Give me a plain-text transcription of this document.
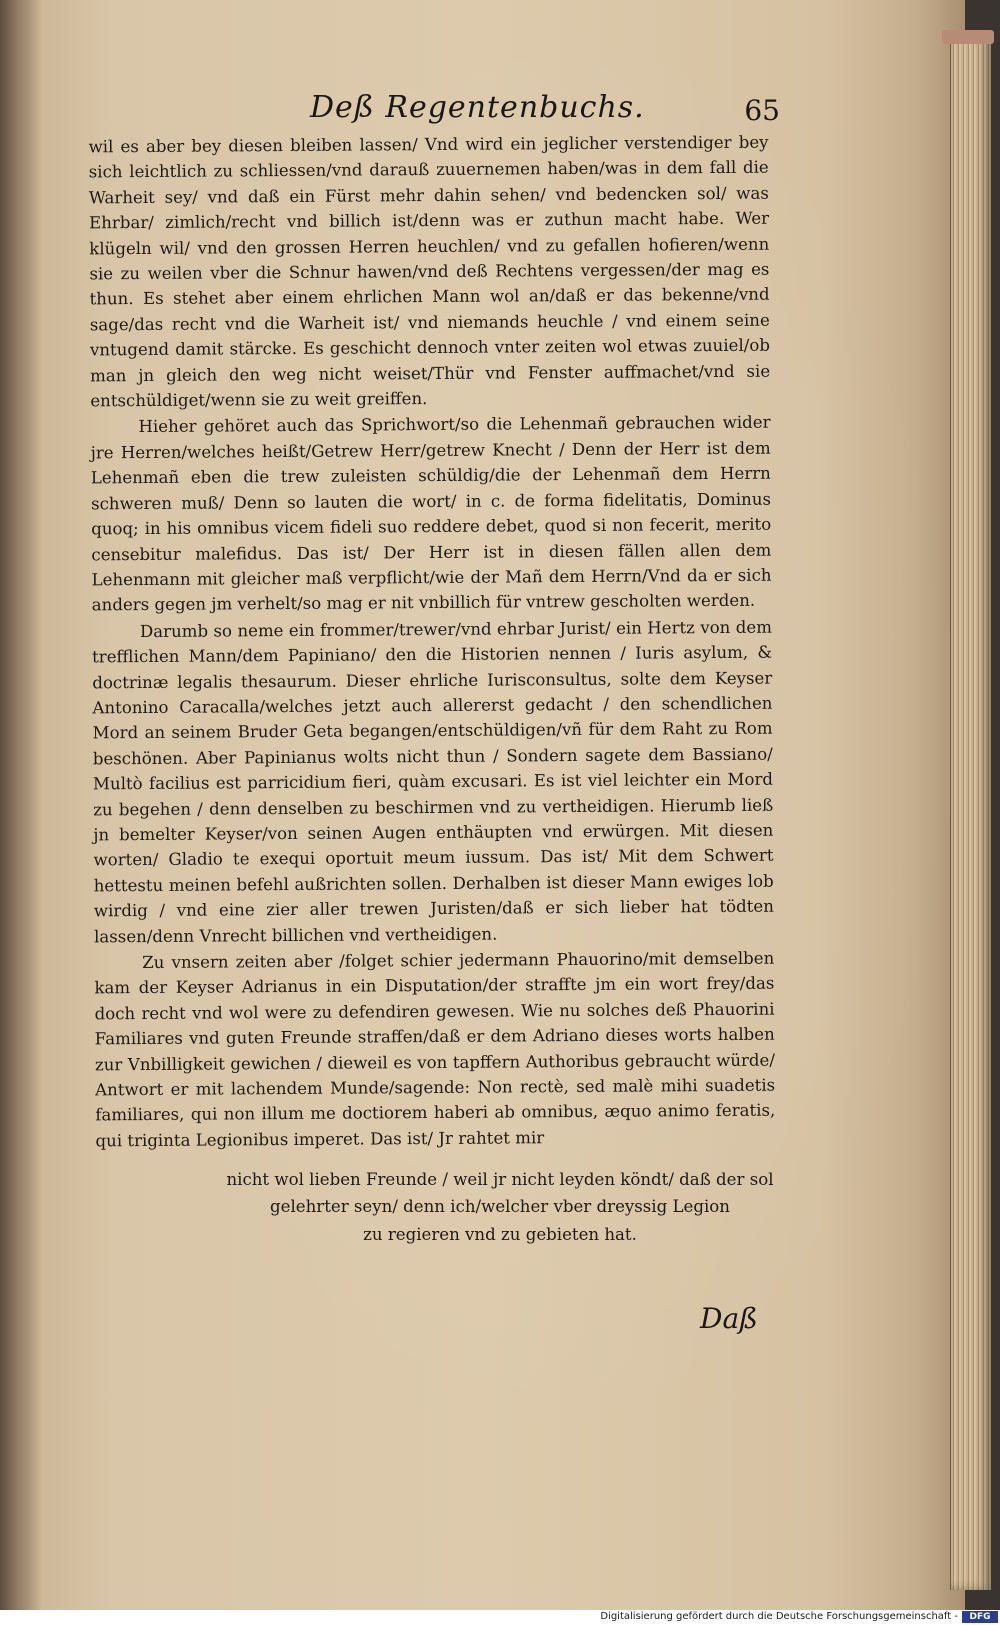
Deß Regentenbuchs.	65

wil es aber bey diesen bleiben lassen/ Vnd wird ein jeglicher verstendiger bey sich leichtlich zu schliessen/vnd darauß zuuernemen haben/was in dem fall die Warheit sey/ vnd daß ein Fürst mehr dahin sehen/ vnd bedencken sol/ was Ehrbar/ zimlich/recht vnd billich ist/denn was er zuthun macht habe. Wer klügeln wil/ vnd den grossen Herren heuchlen/ vnd zu gefallen hofieren/wenn sie zu weilen vber die Schnur hawen/vnd deß Rechtens vergessen/der mag es thun. Es stehet aber einem ehrlichen Mann wol an/daß er das bekenne/vnd sage/das recht vnd die Warheit ist/ vnd niemands heuchle / vnd einem seine vntugend damit stärcke. Es geschicht dennoch vnter zeiten wol etwas zuuiel/ob man jn gleich den weg nicht weiset/Thür vnd Fenster auffmachet/vnd sie entschüldiget/wenn sie zu weit greiffen.

Hieher gehöret auch das Sprichwort/so die Lehenmañ gebrauchen wider jre Herren/welches heißt/Getrew Herr/getrew Knecht / Denn der Herr ist dem Lehenmañ eben die trew zuleisten schüldig/die der Lehenmañ dem Herrn schweren muß/ Denn so lauten die wort/ in c. de forma fidelitatis, Dominus quoq; in his omnibus vicem fideli suo reddere debet, quod si non fecerit, merito censebitur malefidus. Das ist/ Der Herr ist in diesen fällen allen dem Lehenmann mit gleicher maß verpflicht/wie der Mañ dem Herrn/Vnd da er sich anders gegen jm verhelt/so mag er nit vnbillich für vntrew gescholten werden.

Darumb so neme ein frommer/trewer/vnd ehrbar Jurist/ ein Hertz von dem trefflichen Mann/dem Papiniano/ den die Historien nennen / Iuris asylum, & doctrinæ legalis thesaurum. Dieser ehrliche Iurisconsultus, solte dem Keyser Antonino Caracalla/welches jetzt auch allererst gedacht / den schendlichen Mord an seinem Bruder Geta begangen/entschüldigen/vñ für dem Raht zu Rom beschönen. Aber Papinianus wolts nicht thun / Sondern sagete dem Bassiano/ Multò facilius est parricidium fieri, quàm excusari. Es ist viel leichter ein Mord zu begehen / denn denselben zu beschirmen vnd zu vertheidigen. Hierumb ließ jn bemelter Keyser/von seinen Augen enthäupten vnd erwürgen. Mit diesen worten/ Gladio te exequi oportuit meum iussum. Das ist/ Mit dem Schwert hettestu meinen befehl außrichten sollen. Derhalben ist dieser Mann ewiges lob wirdig / vnd eine zier aller trewen Juristen/daß er sich lieber hat tödten lassen/denn Vnrecht billichen vnd vertheidigen.

Zu vnsern zeiten aber /folget schier jedermann Phauorino/mit demselben kam der Keyser Adrianus in ein Disputation/der straffte jm ein wort frey/das doch recht vnd wol were zu defendiren gewesen. Wie nu solches deß Phauorini Familiares vnd guten Freunde straffen/daß er dem Adriano dieses worts halben zur Vnbilligkeit gewichen / dieweil es von tapffern Authoribus gebraucht würde/ Antwort er mit lachendem Munde/sagende: Non rectè, sed malè mihi suadetis familiares, qui non illum me doctiorem haberi ab omnibus, æquo animo feratis, qui triginta Legionibus imperet. Das ist/ Jr rahtet mir

nicht wol lieben Freunde / weil jr nicht leyden köndt/ daß der sol
gelehrter seyn/ denn ich/welcher vber dreyssig Legion
zu regieren vnd zu gebieten hat.
Daß
Digitalisierung gefördert durch die Deutsche Forschungsgemeinschaft -	DFG
